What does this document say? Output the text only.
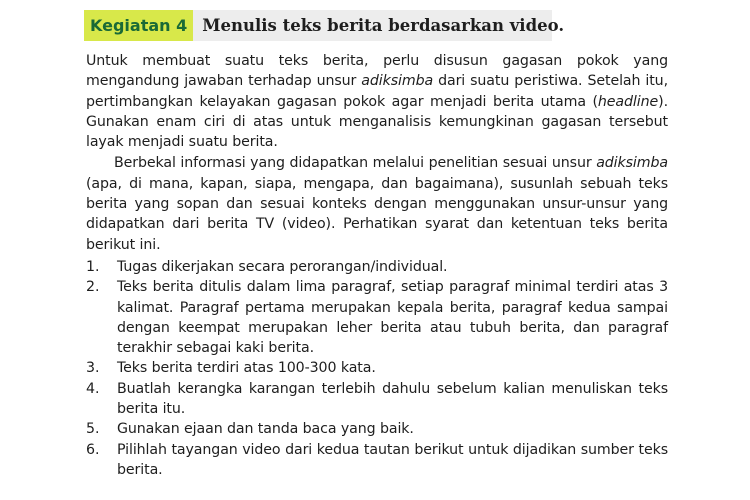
Kegiatan 4 Menulis teks berita berdasarkan video.

Untuk membuat suatu teks berita, perlu disusun gagasan pokok yang mengandung jawaban terhadap unsur adiksimba dari suatu peristiwa. Setelah itu, pertimbangkan kelayakan gagasan pokok agar menjadi berita utama (headline). Gunakan enam ciri di atas untuk menganalisis kemungkinan gagasan tersebut layak menjadi suatu berita.

Berbekal informasi yang didapatkan melalui penelitian sesuai unsur adiksimba (apa, di mana, kapan, siapa, mengapa, dan bagaimana), susunlah sebuah teks berita yang sopan dan sesuai konteks dengan menggunakan unsur-unsur yang didapatkan dari berita TV (video). Perhatikan syarat dan ketentuan teks berita berikut ini.

1.	Tugas dikerjakan secara perorangan/individual.
2.	Teks berita ditulis dalam lima paragraf, setiap paragraf minimal terdiri atas 3 kalimat. Paragraf pertama merupakan kepala berita, paragraf kedua sampai dengan keempat merupakan leher berita atau tubuh berita, dan paragraf terakhir sebagai kaki berita.
3.	Teks berita terdiri atas 100-300 kata.
4.	Buatlah kerangka karangan terlebih dahulu sebelum kalian menuliskan teks berita itu.
5.	Gunakan ejaan dan tanda baca yang baik.
6.	Pilihlah tayangan video dari kedua tautan berikut untuk dijadikan sumber teks berita.
